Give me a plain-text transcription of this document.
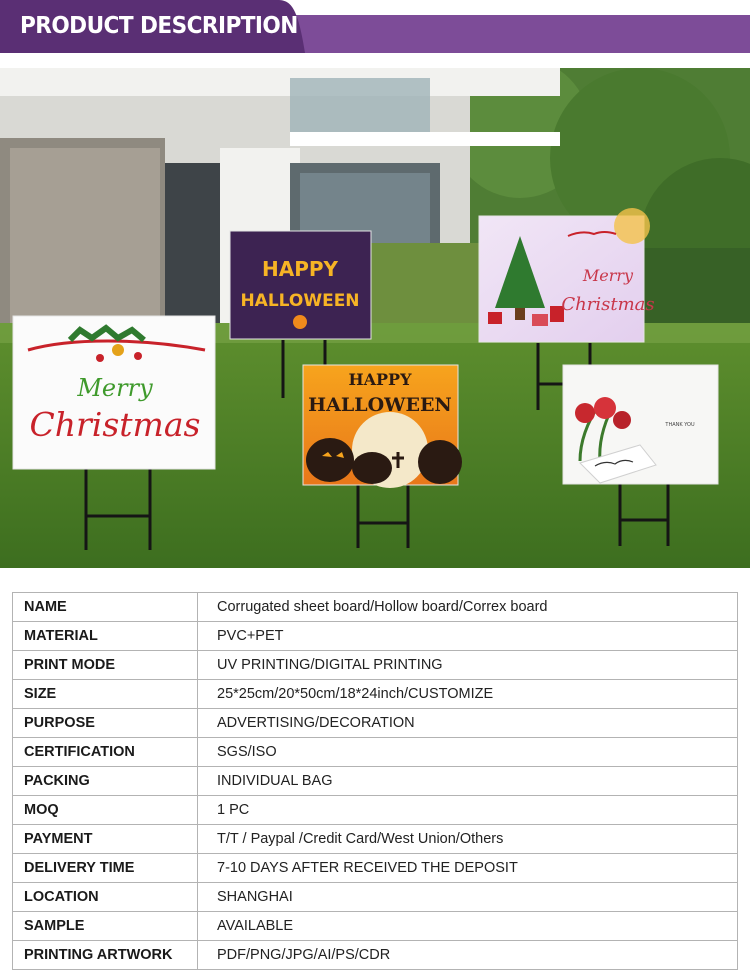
PRODUCT DESCRIPTION
Merry
Christmas
HAPPY
HALLOWEEN
HAPPY
HALLOWEEN
Merry
Christmas
THANK YOU
NAME	Corrugated sheet board/Hollow board/Correx board
MATERIAL	PVC+PET
PRINT MODE	UV PRINTING/DIGITAL PRINTING
SIZE	25*25cm/20*50cm/18*24inch/CUSTOMIZE
PURPOSE	ADVERTISING/DECORATION
CERTIFICATION	SGS/ISO
PACKING	INDIVIDUAL BAG
MOQ	1 PC
PAYMENT	T/T / Paypal /Credit Card/West Union/Others
DELIVERY TIME	7-10 DAYS AFTER RECEIVED THE DEPOSIT
LOCATION	SHANGHAI
SAMPLE	AVAILABLE
PRINTING ARTWORK	PDF/PNG/JPG/AI/PS/CDR
